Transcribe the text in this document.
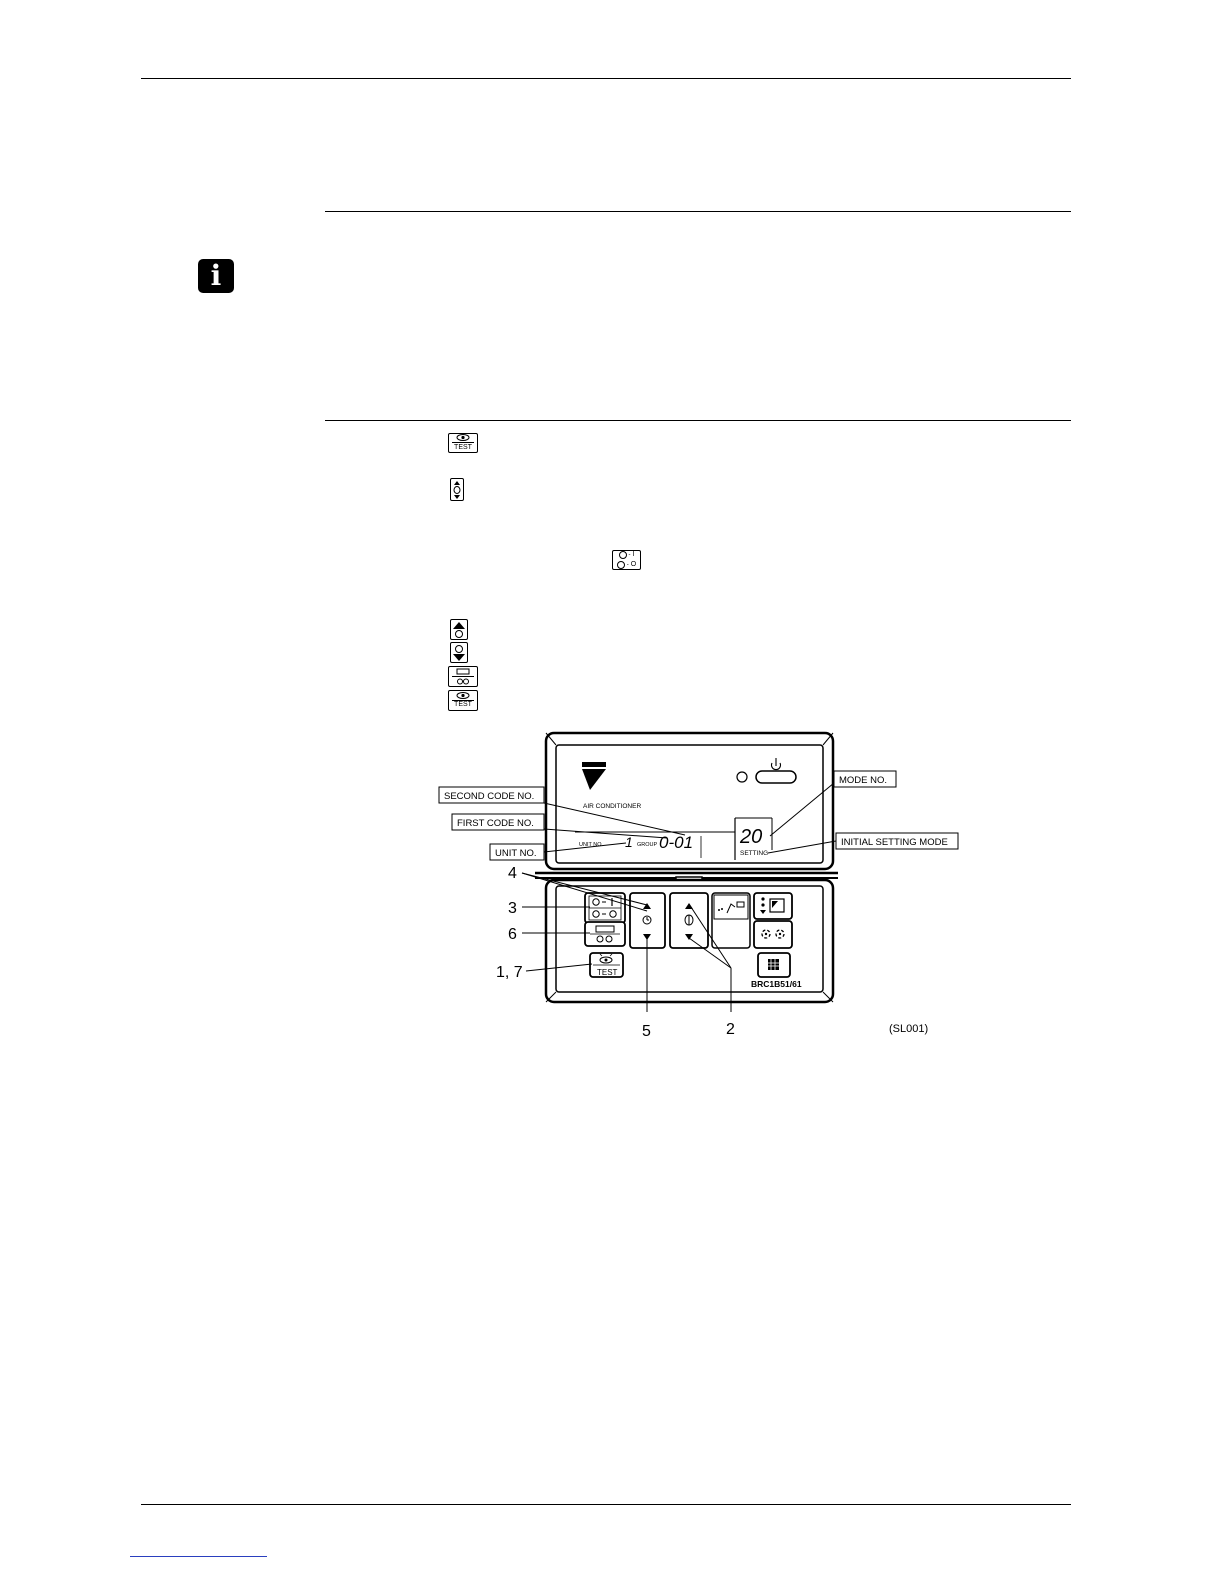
i
TEST
- I
- O
TEST
AIR CONDITIONER
UNIT NO. 1 GROUP 0-01 20
SETTING
TEST
BRC1B51/61
SECOND CODE NO.
FIRST CODE NO.
UNIT NO.
MODE NO.
INITIAL SETTING MODE
4
3
6
1, 7
5	2	(SL001)
